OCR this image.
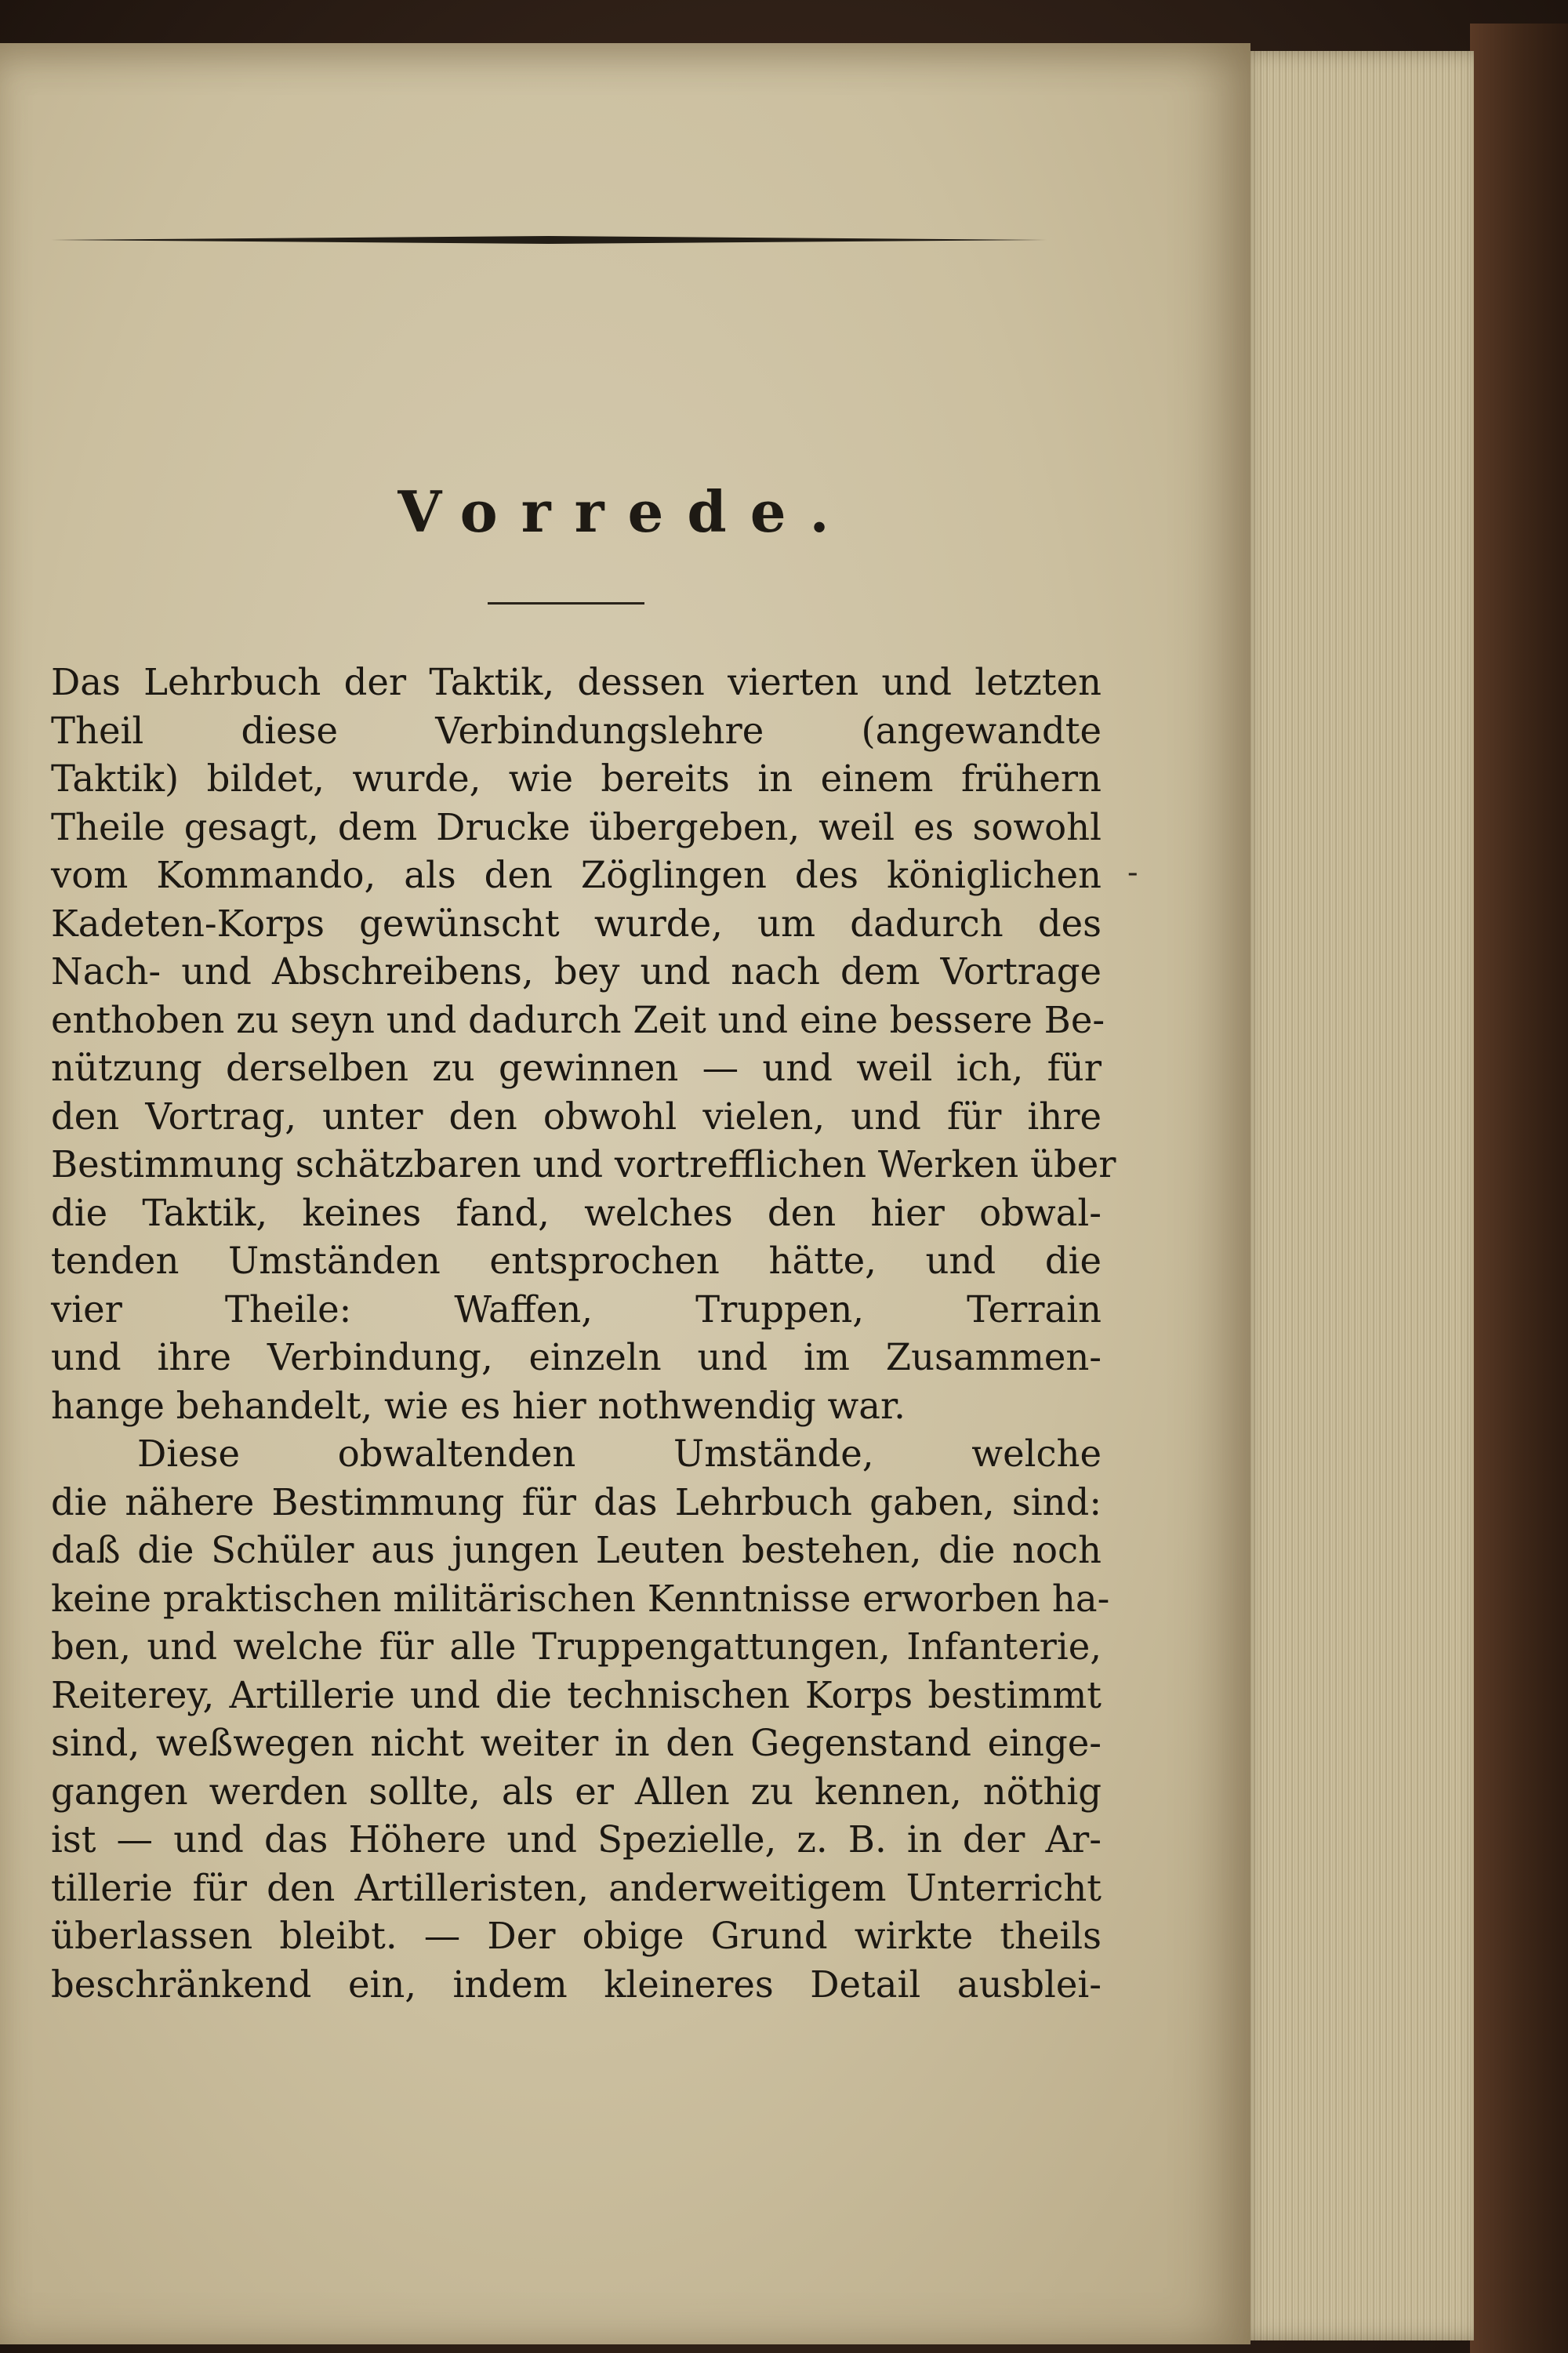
Vorrede.
-
Das Lehrbuch der Taktik, dessen vierten und letzten
Theil diese Verbindungslehre (angewandte
Taktik) bildet, wurde, wie bereits in einem frühern
Theile gesagt, dem Drucke übergeben, weil es sowohl
vom Kommando, als den Zöglingen des königlichen
Kadeten-Korps gewünscht wurde, um dadurch des
Nach- und Abschreibens, bey und nach dem Vortrage
enthoben zu seyn und dadurch Zeit und eine bessere Be-
nützung derselben zu gewinnen — und weil ich, für
den Vortrag, unter den obwohl vielen, und für ihre
Bestimmung schätzbaren und vortrefflichen Werken über
die Taktik, keines fand, welches den hier obwal-
tenden Umständen entsprochen hätte, und die
vier Theile: Waffen, Truppen, Terrain
und ihre Verbindung, einzeln und im Zusammen-
hange behandelt, wie es hier nothwendig war.
Diese obwaltenden Umstände, welche
die nähere Bestimmung für das Lehrbuch gaben, sind:
daß die Schüler aus jungen Leuten bestehen, die noch
keine praktischen militärischen Kenntnisse erworben ha-
ben, und welche für alle Truppengattungen, Infanterie,
Reiterey, Artillerie und die technischen Korps bestimmt
sind, weßwegen nicht weiter in den Gegenstand einge-
gangen werden sollte, als er Allen zu kennen, nöthig
ist — und das Höhere und Spezielle, z. B. in der Ar-
tillerie für den Artilleristen, anderweitigem Unterricht
überlassen bleibt. — Der obige Grund wirkte theils
beschränkend ein, indem kleineres Detail ausblei-
